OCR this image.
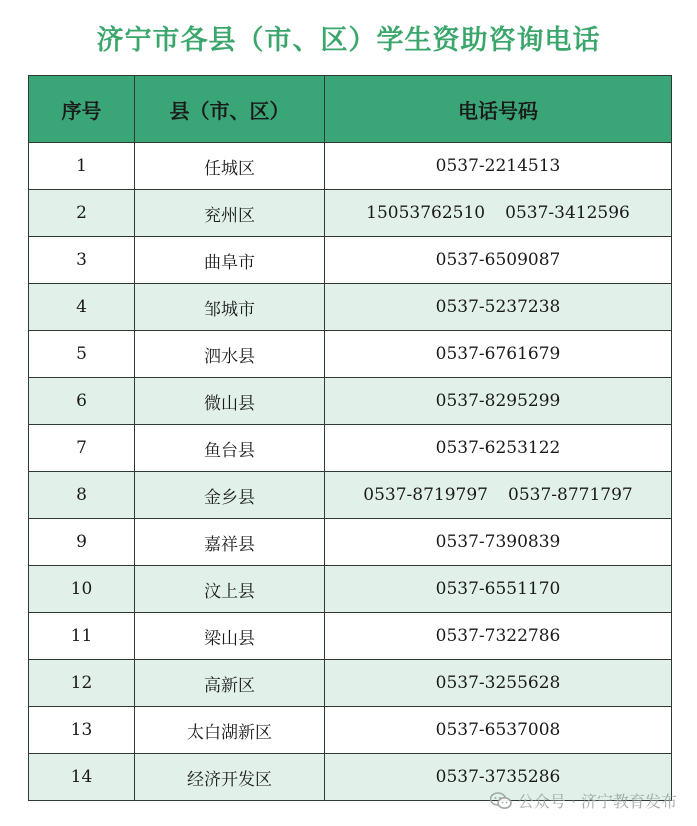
济宁市各县（市、区）学生资助咨询电话
序号	县（市、区）	电话号码
1	任城区	0537-2214513
2	兖州区	15053762510 0537-3412596
3	曲阜市	0537-6509087
4	邹城市	0537-5237238
5	泗水县	0537-6761679
6	微山县	0537-8295299
7	鱼台县	0537-6253122
8	金乡县	0537-8719797 0537-8771797
9	嘉祥县	0537-7390839
10	汶上县	0537-6551170
11	梁山县	0537-7322786
12	高新区	0537-3255628
13	太白湖新区	0537-6537008
14	经济开发区	0537-3735286
公众号 · 济宁教育发布
